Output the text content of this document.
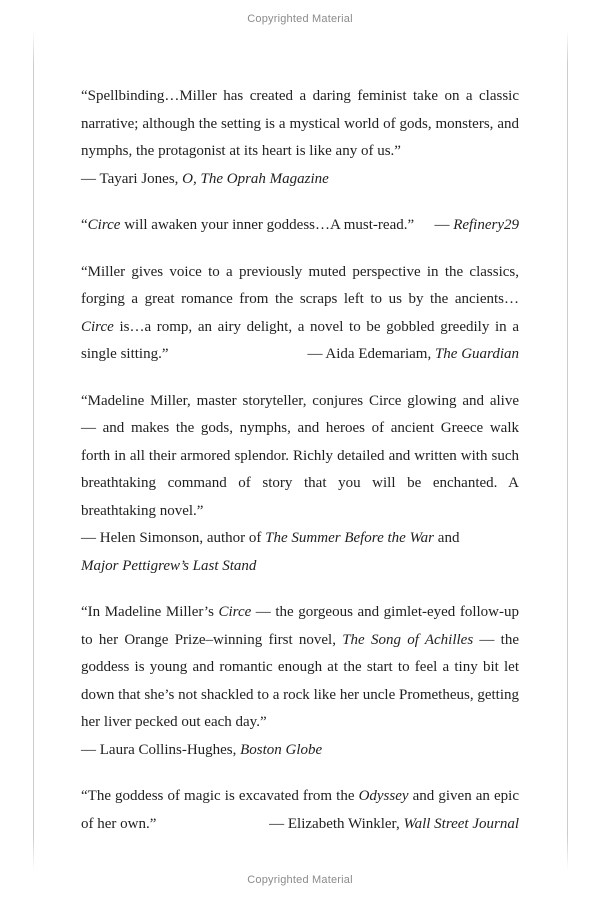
Copyrighted Material

“Spellbinding…Miller has created a daring feminist take on a classic narrative; although the setting is a mystical world of gods, monsters, and nymphs, the protagonist at its heart is like any of us.”

— Tayari Jones, O, The Oprah Magazine

“Circe will awaken your inner goddess…A must-read.” — Refinery29

“Miller gives voice to a previously muted perspective in the classics, forging a great romance from the scraps left to us by the ancients… Circe is…a romp, an airy delight, a novel to be gobbled greedily in a single sitting.”	— Aida Edemariam, The Guardian

“Madeline Miller, master storyteller, conjures Circe glowing and alive — and makes the gods, nymphs, and heroes of ancient Greece walk forth in all their armored splendor. Richly detailed and written with such breathtaking command of story that you will be enchanted. A breathtaking novel.”

— Helen Simonson, author of The Summer Before the War and

Major Pettigrew’s Last Stand

“In Madeline Miller’s Circe — the gorgeous and gimlet-eyed follow-up to her Orange Prize–winning first novel, The Song of Achilles — the goddess is young and romantic enough at the start to feel a tiny bit let down that she’s not shackled to a rock like her uncle Prometheus, getting her liver pecked out each day.”

— Laura Collins-Hughes, Boston Globe

“The goddess of magic is excavated from the Odyssey and given an epic of her own.”	— Elizabeth Winkler, Wall Street Journal

Copyrighted Material
